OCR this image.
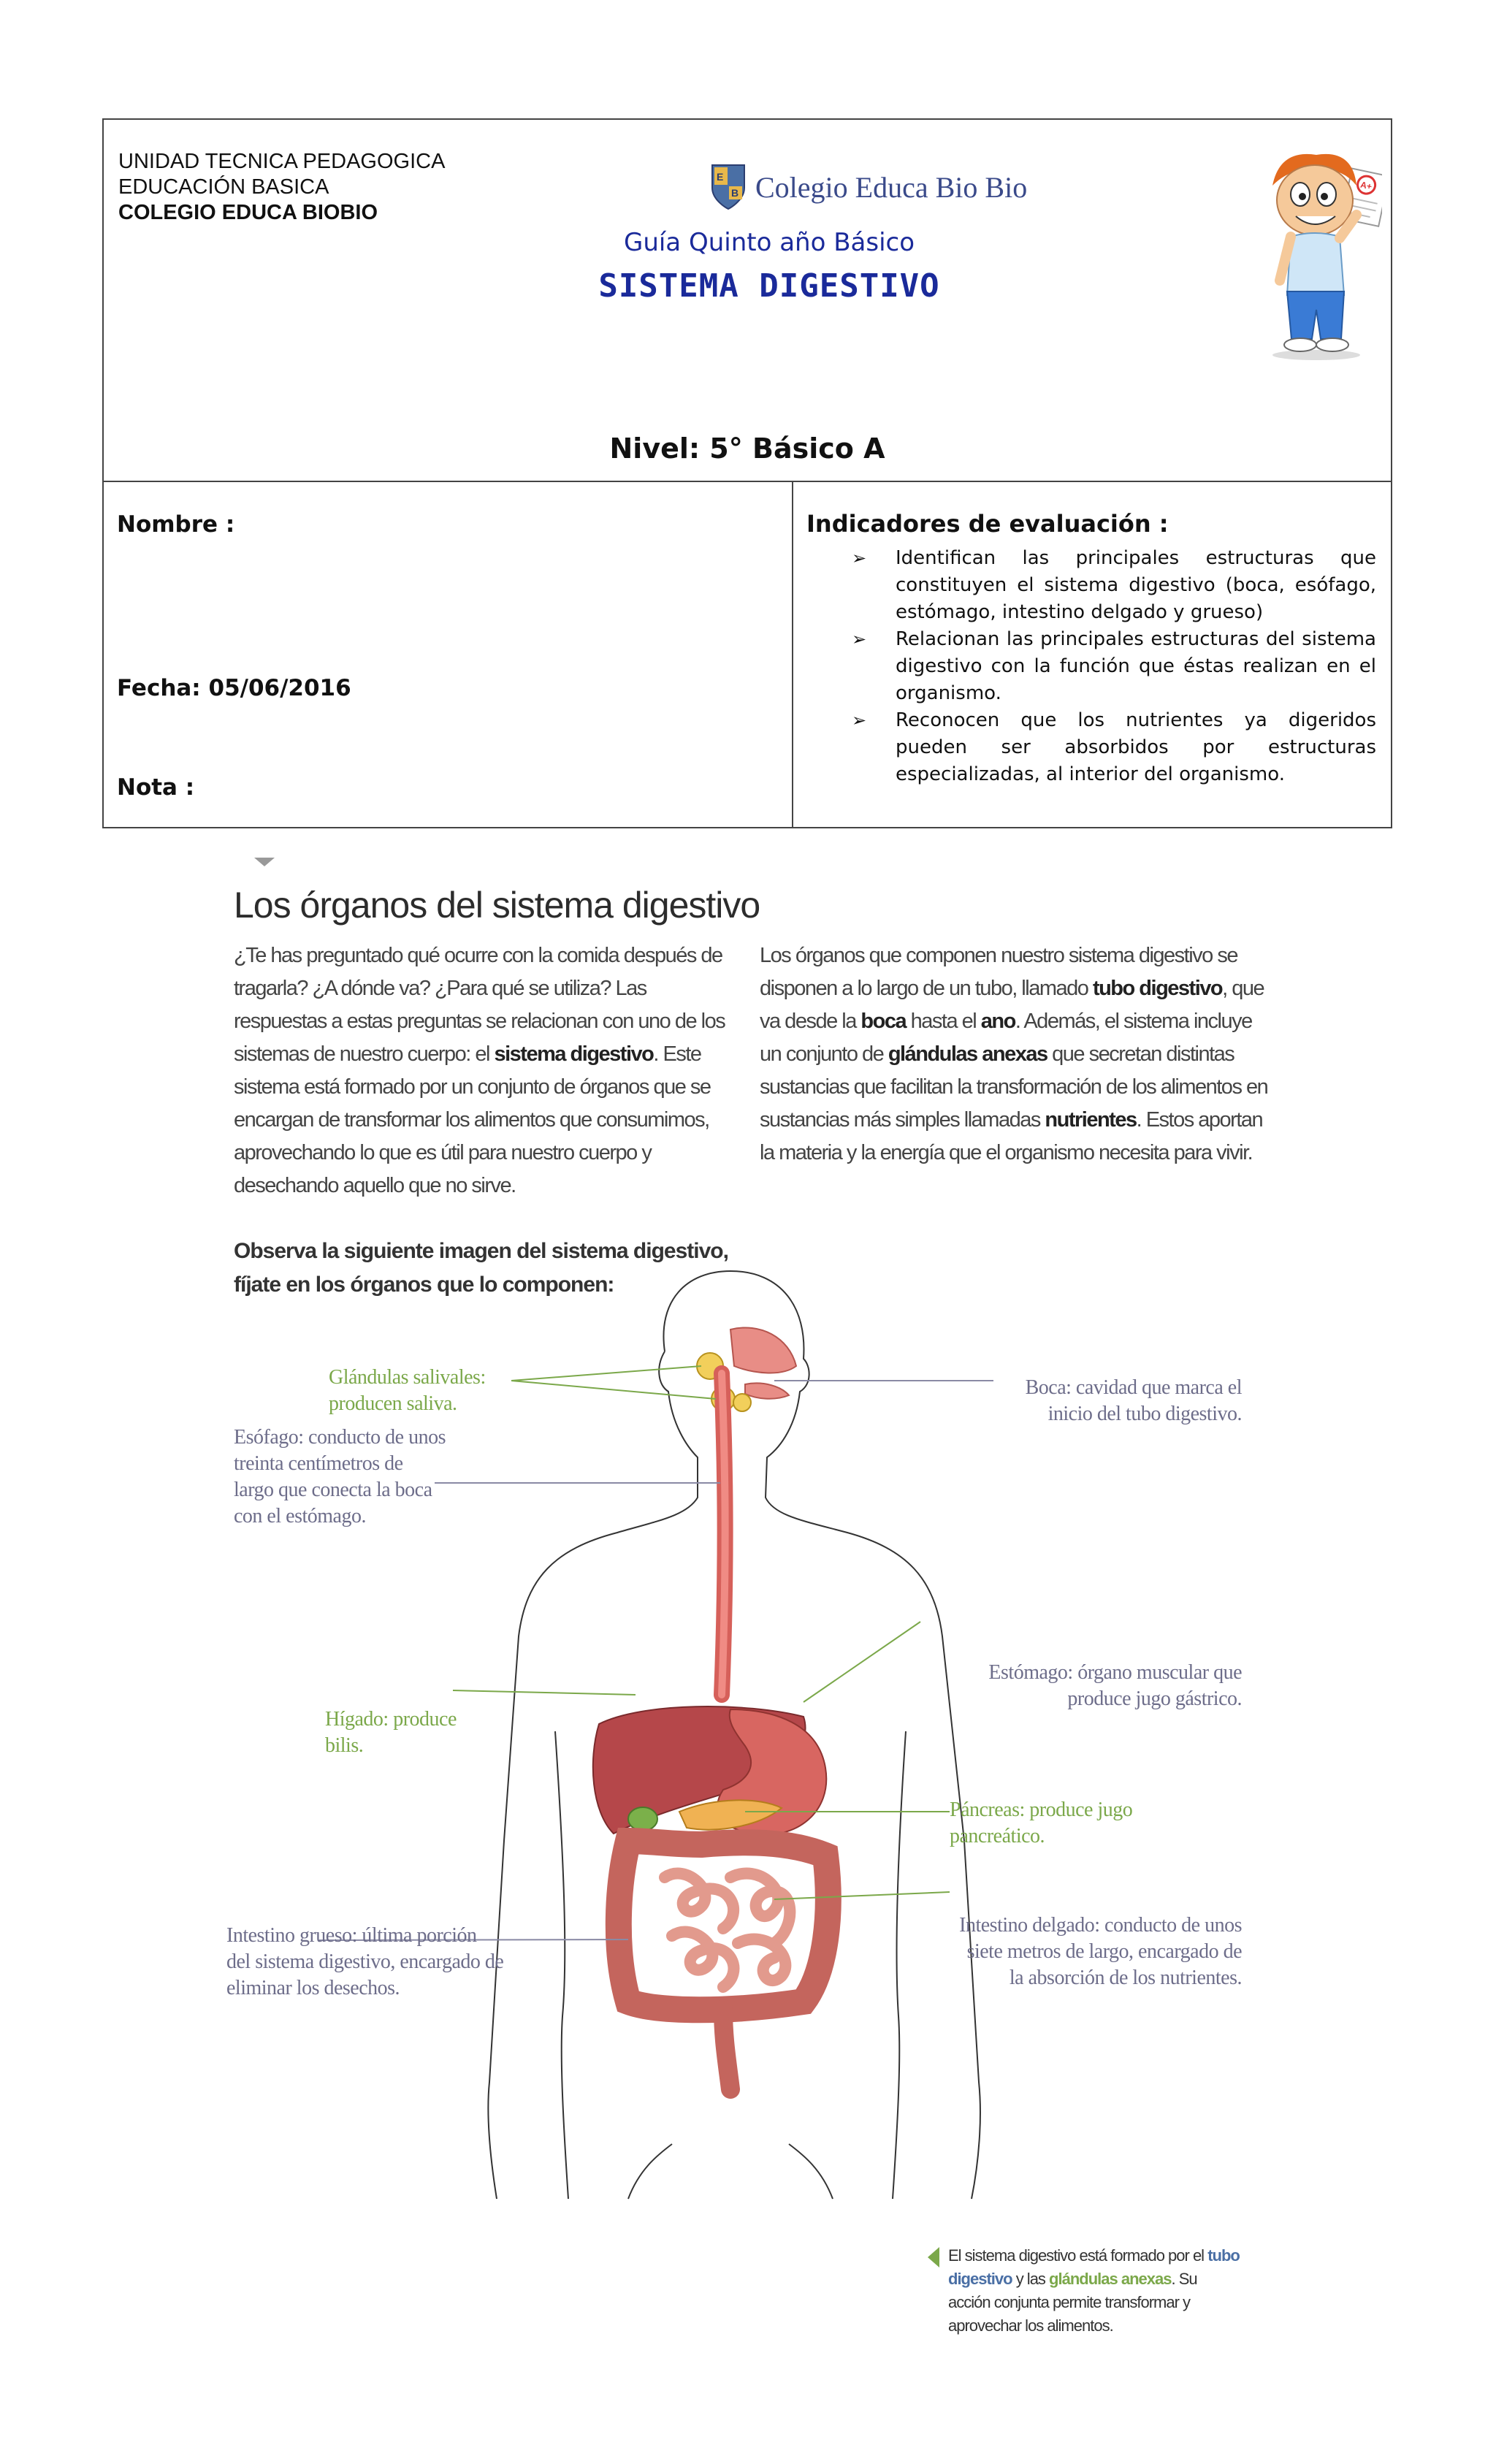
UNIDAD TECNICA PEDAGOGICA
EDUCACIÓN BASICA
COLEGIO EDUCA BIOBIO
E
B Colegio Educa Bio Bio
Guía Quinto año Básico
SISTEMA DIGESTIVO
Nivel: 5° Básico A
A+
Nombre :
Fecha: 05/06/2016
Nota :
Indicadores de evaluación :
➢ Identifican las principales estructuras que constituyen el sistema digestivo (boca, esófago, estómago, intestino delgado y grueso)
➢ Relacionan las principales estructuras del sistema digestivo con la función que éstas realizan en el organismo.
➢ Reconocen que los nutrientes ya digeridos pueden ser absorbidos por estructuras especializadas, al interior del organismo.
Los órganos del sistema digestivo
¿Te has preguntado qué ocurre con la comida después de tragarla? ¿A dónde va? ¿Para qué se utiliza? Las respuestas a estas preguntas se relacionan con uno de los sistemas de nuestro cuerpo: el sistema digestivo. Este sistema está formado por un conjunto de órganos que se encargan de transformar los alimentos que consumimos, aprovechando lo que es útil para nuestro cuerpo y desechando aquello que no sirve.
Los órganos que componen nuestro sistema digestivo se disponen a lo largo de un tubo, llamado tubo digestivo, que va desde la boca hasta el ano. Además, el sistema incluye un conjunto de glándulas anexas que secretan distintas sustancias que facilitan la transformación de los alimentos en sustancias más simples llamadas nutrientes. Estos aportan la materia y la energía que el organismo necesita para vivir.
Observa la siguiente imagen del sistema digestivo, fíjate en los órganos que lo componen:
Glándulas salivales: producen saliva.
Boca: cavidad que marca el inicio del tubo digestivo.
Esófago: conducto de unos treinta centímetros de largo que conecta la boca con el estómago.
Estómago: órgano muscular que produce jugo gástrico.
Hígado: produce bilis.
Páncreas: produce jugo pancreático.
Intestino grueso: última porción del sistema digestivo, encargado de eliminar los desechos.
Intestino delgado: conducto de unos siete metros de largo, encargado de la absorción de los nutrientes.
El sistema digestivo está formado por el tubo digestivo y las glándulas anexas. Su acción conjunta permite transformar y aprovechar los alimentos.
